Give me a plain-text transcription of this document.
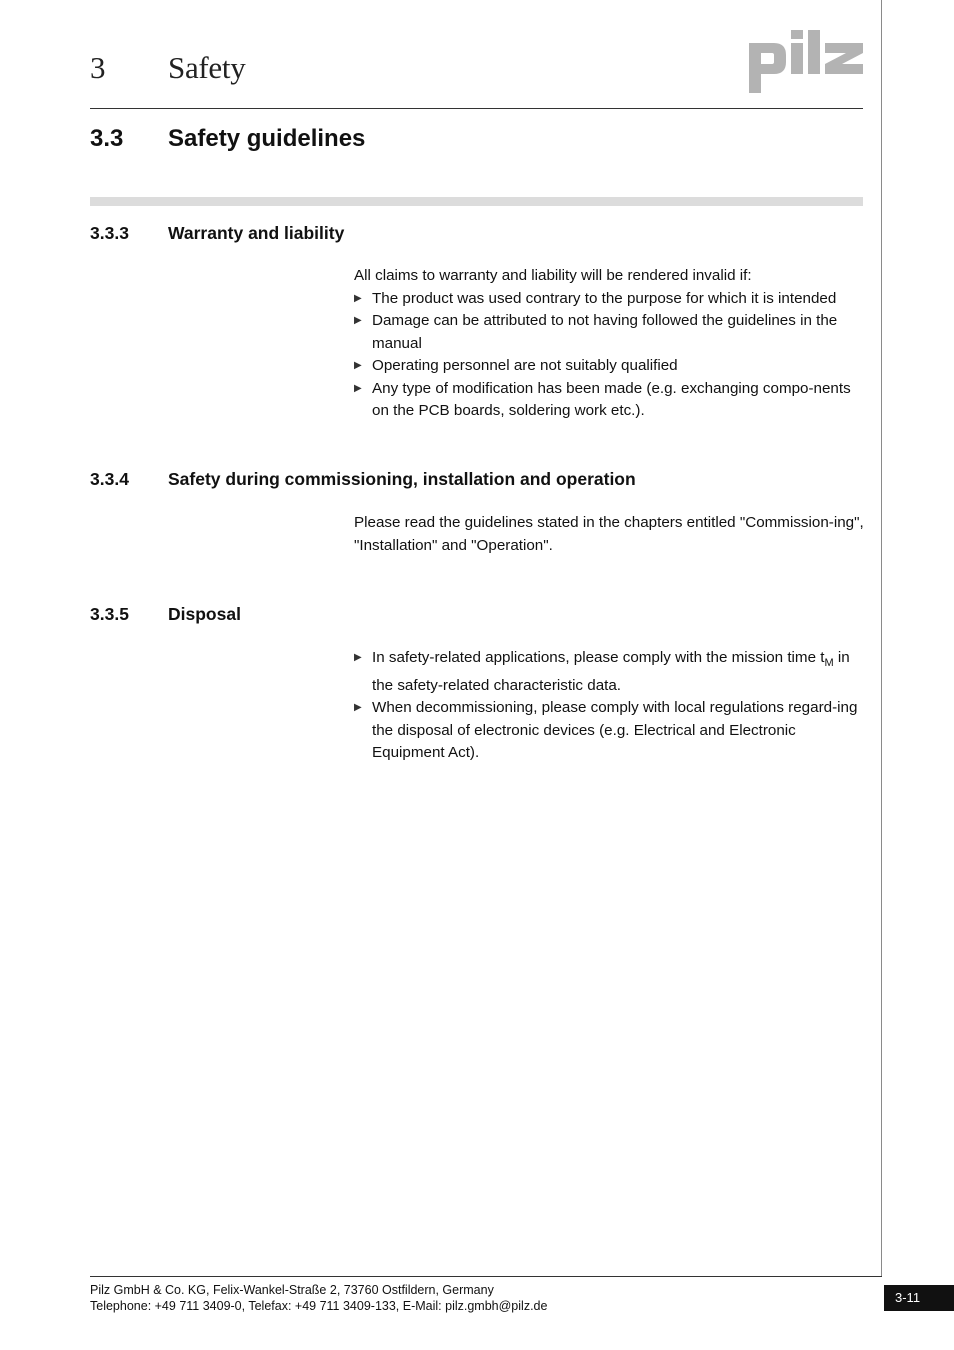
3 Safety
3.3 Safety guidelines
3.3.3 Warranty and liability

All claims to warranty and liability will be rendered invalid if:

▶ The product was used contrary to the purpose for which it is intended
▶ Damage can be attributed to not having followed the guidelines in the manual
▶ Operating personnel are not suitably qualified
▶ Any type of modification has been made (e.g. exchanging compo-nents on the PCB boards, soldering work etc.).
3.3.4 Safety during commissioning, installation and operation

Please read the guidelines stated in the chapters entitled "Commission-ing", "Installation" and "Operation".

3.3.5 Disposal
▶ In safety-related applications, please comply with the mission time $t_M$ in the safety-related characteristic data.
▶ When decommissioning, please comply with local regulations regard-ing the disposal of electronic devices (e.g. Electrical and Electronic Equipment Act).
Pilz GmbH & Co. KG, Felix-Wankel-Straße 2, 73760 Ostfildern, Germany
Telephone: +49 711 3409-0, Telefax: +49 711 3409-133, E-Mail: pilz.gmbh@pilz.de
3-11
